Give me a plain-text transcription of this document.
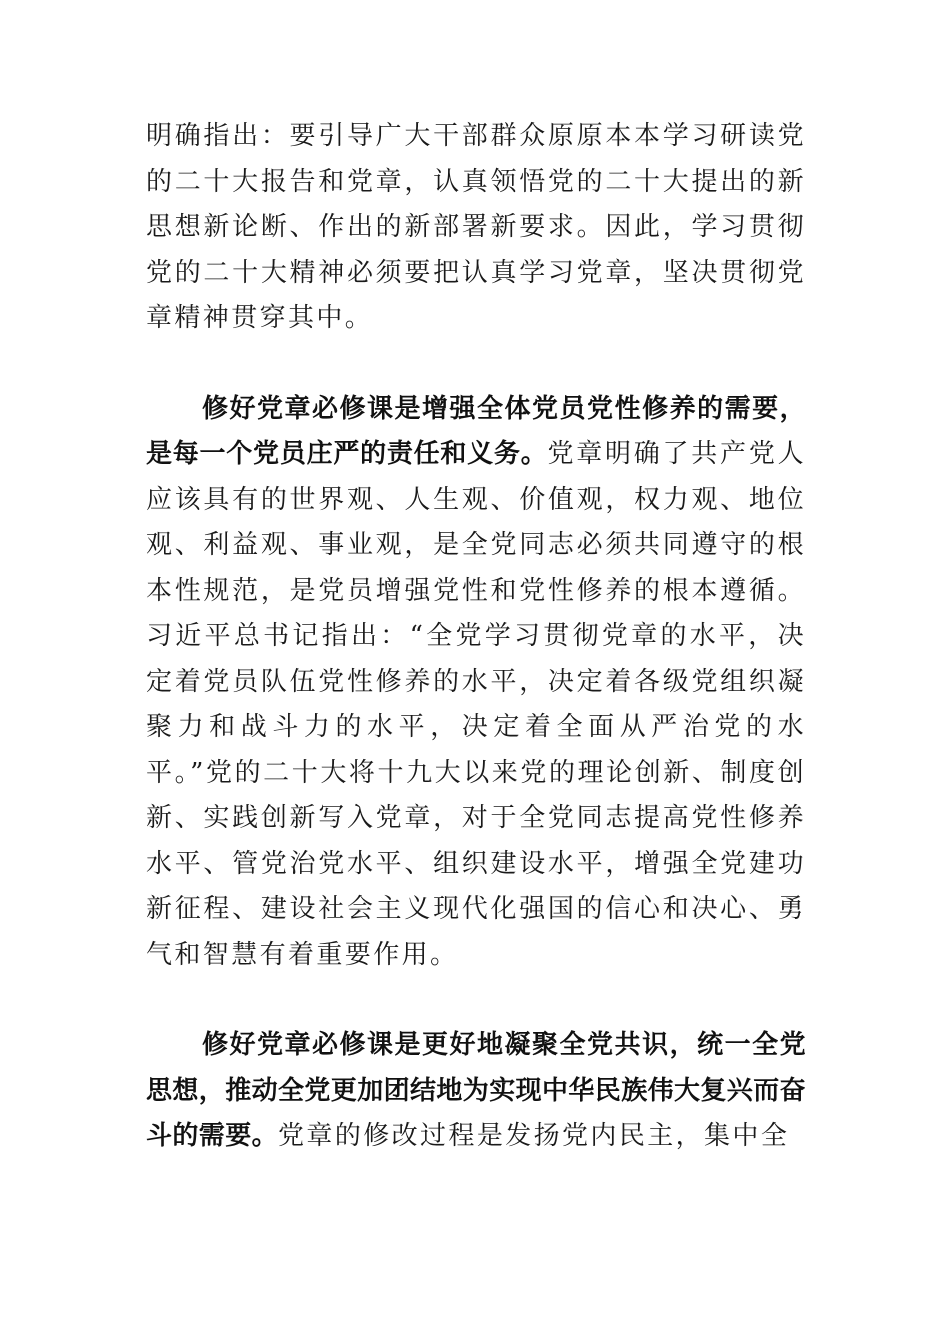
明确指出：要引导广大干部群众原原本本学习研读党的二十大报告和党章，认真领悟党的二十大提出的新思想新论断、作出的新部署新要求。因此，学习贯彻党的二十大精神必须要把认真学习党章，坚决贯彻党章精神贯穿其中。

修好党章必修课是增强全体党员党性修养的需要，是每一个党员庄严的责任和义务。党章明确了共产党人应该具有的世界观、人生观、价值观，权力观、地位观、利益观、事业观，是全党同志必须共同遵守的根本性规范，是党员增强党性和党性修养的根本遵循。习近平总书记指出：“全党学习贯彻党章的水平，决定着党员队伍党性修养的水平，决定着各级党组织凝聚力和战斗力的水平，决定着全面从严治党的水平。”党的二十大将十九大以来党的理论创新、制度创新、实践创新写入党章，对于全党同志提高党性修养水平、管党治党水平、组织建设水平，增强全党建功新征程、建设社会主义现代化强国的信心和决心、勇气和智慧有着重要作用。

修好党章必修课是更好地凝聚全党共识，统一全党思想，推动全党更加团结地为实现中华民族伟大复兴而奋斗的需要。党章的修改过程是发扬党内民主，集中全
